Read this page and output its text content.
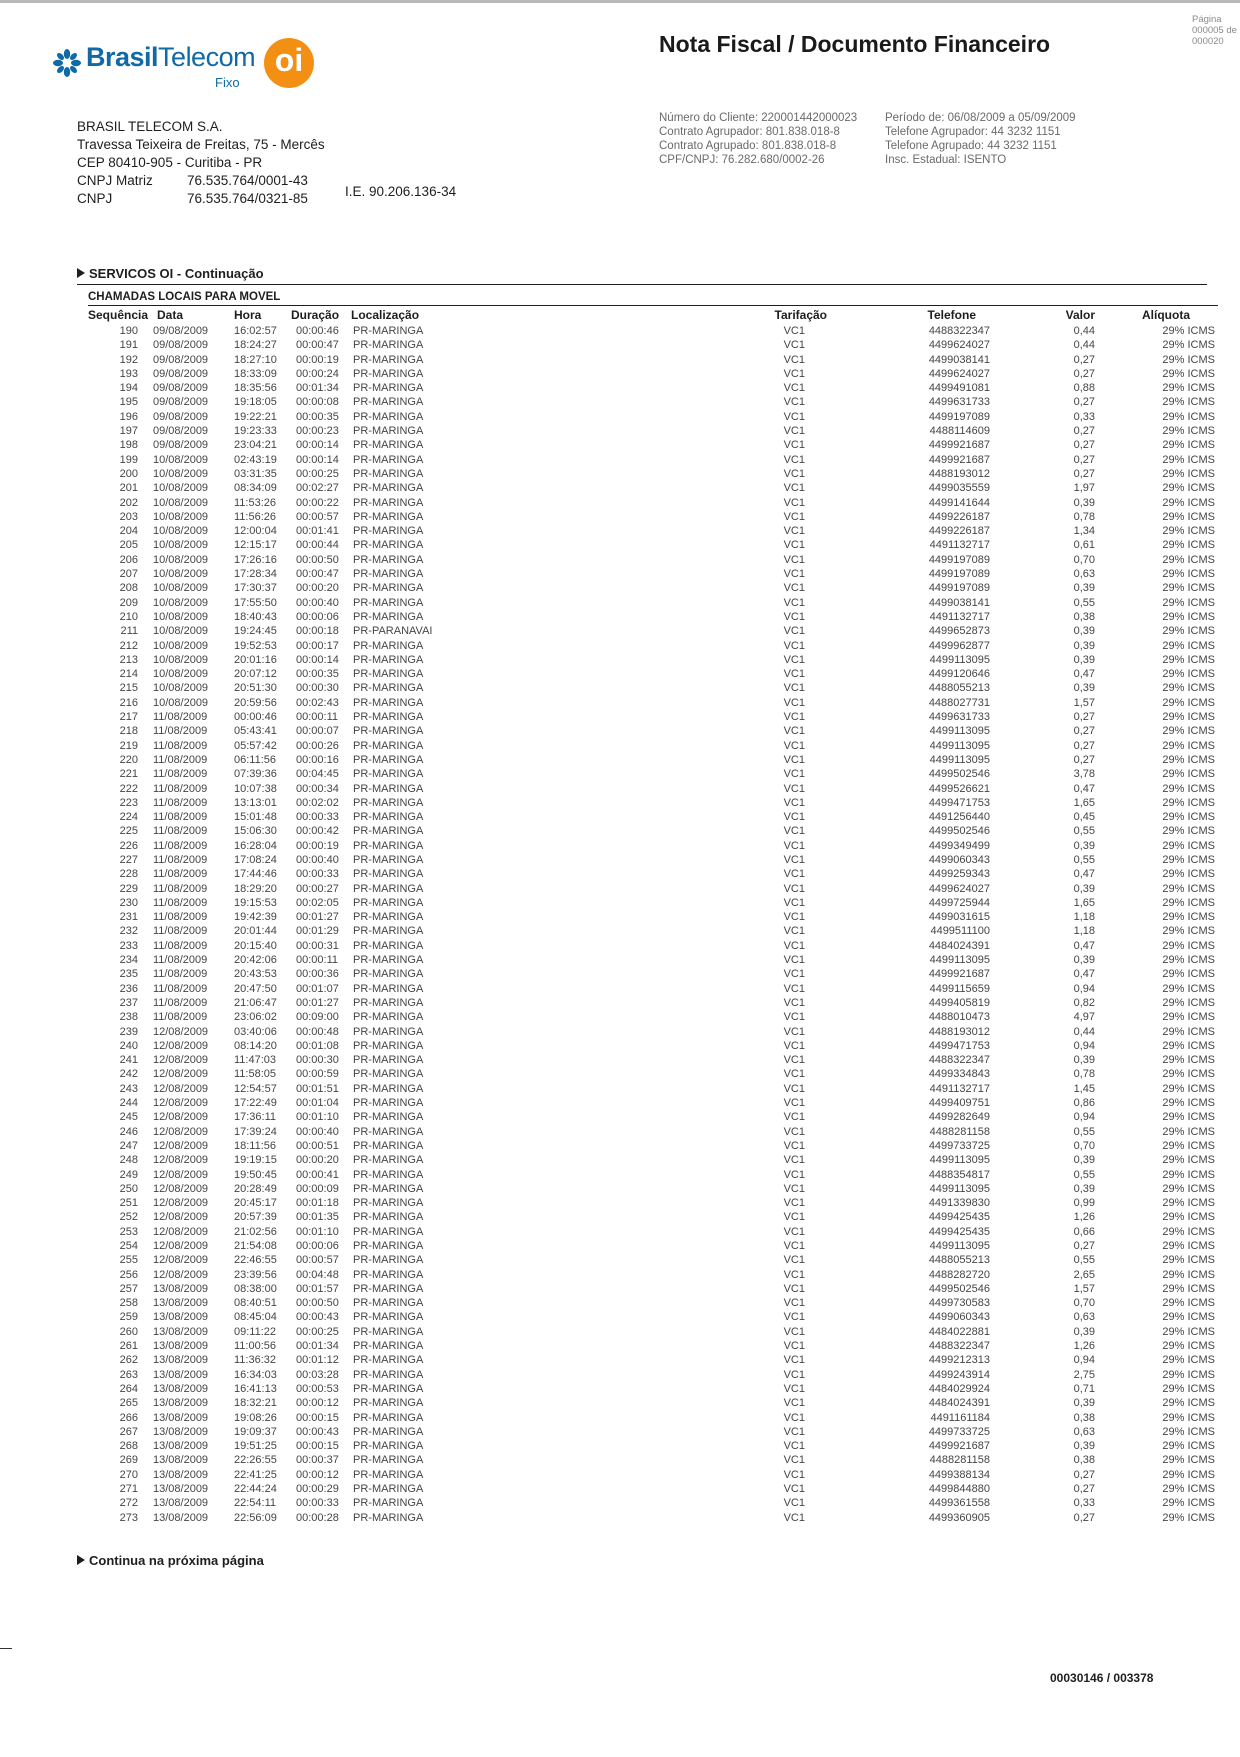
BrasilTelecom
Fixo
oi
BRASIL TELECOM S.A.
Travessa Teixeira de Freitas, 75 - Mercês
CEP 80410-905 - Curitiba - PR
CNPJ Matriz	76.535.764/0001-43
CNPJ	76.535.764/0321-85	I.E. 90.206.136-34
Nota Fiscal / Documento Financeiro
Página
000005 de
000020
Número do Cliente: 220001442000023
Contrato Agrupador: 801.838.018-8
Contrato Agrupado: 801.838.018-8
CPF/CNPJ: 76.282.680/0002-26
Período de: 06/08/2009 a 05/09/2009
Telefone Agrupador: 44 3232 1151
Telefone Agrupado: 44 3232 1151
Insc. Estadual: ISENTO
SERVICOS OI - Continuação
CHAMADAS LOCAIS PARA MOVEL
Sequência Data	Hora Duração Localização	Tarifação	Telefone	Valor	Alíquota
190 09/08/2009 16:02:57 00:00:46 PR-MARINGA	VC1	4488322347	0,44	29% ICMS
191 09/08/2009 18:24:27 00:00:47 PR-MARINGA	VC1	4499624027	0,44	29% ICMS
192 09/08/2009 18:27:10 00:00:19 PR-MARINGA	VC1	4499038141	0,27	29% ICMS
193 09/08/2009 18:33:09 00:00:24 PR-MARINGA	VC1	4499624027	0,27	29% ICMS
194 09/08/2009 18:35:56 00:01:34 PR-MARINGA	VC1	4499491081	0,88	29% ICMS
195 09/08/2009 19:18:05 00:00:08 PR-MARINGA	VC1	4499631733	0,27	29% ICMS
196 09/08/2009 19:22:21 00:00:35 PR-MARINGA	VC1	4499197089	0,33	29% ICMS
197 09/08/2009 19:23:33 00:00:23 PR-MARINGA	VC1	4488114609	0,27	29% ICMS
198 09/08/2009 23:04:21 00:00:14 PR-MARINGA	VC1	4499921687	0,27	29% ICMS
199 10/08/2009 02:43:19 00:00:14 PR-MARINGA	VC1	4499921687	0,27	29% ICMS
200 10/08/2009 03:31:35 00:00:25 PR-MARINGA	VC1	4488193012	0,27	29% ICMS
201 10/08/2009 08:34:09 00:02:27 PR-MARINGA	VC1	4499035559	1,97	29% ICMS
202 10/08/2009 11:53:26 00:00:22 PR-MARINGA	VC1	4499141644	0,39	29% ICMS
203 10/08/2009 11:56:26 00:00:57 PR-MARINGA	VC1	4499226187	0,78	29% ICMS
204 10/08/2009 12:00:04 00:01:41 PR-MARINGA	VC1	4499226187	1,34	29% ICMS
205 10/08/2009 12:15:17 00:00:44 PR-MARINGA	VC1	4491132717	0,61	29% ICMS
206 10/08/2009 17:26:16 00:00:50 PR-MARINGA	VC1	4499197089	0,70	29% ICMS
207 10/08/2009 17:28:34 00:00:47 PR-MARINGA	VC1	4499197089	0,63	29% ICMS
208 10/08/2009 17:30:37 00:00:20 PR-MARINGA	VC1	4499197089	0,39	29% ICMS
209 10/08/2009 17:55:50 00:00:40 PR-MARINGA	VC1	4499038141	0,55	29% ICMS
210 10/08/2009 18:40:43 00:00:06 PR-MARINGA	VC1	4491132717	0,38	29% ICMS
211 10/08/2009 19:24:45 00:00:18 PR-PARANAVAI	VC1	4499652873	0,39	29% ICMS
212 10/08/2009 19:52:53 00:00:17 PR-MARINGA	VC1	4499962877	0,39	29% ICMS
213 10/08/2009 20:01:16 00:00:14 PR-MARINGA	VC1	4499113095	0,39	29% ICMS
214 10/08/2009 20:07:12 00:00:35 PR-MARINGA	VC1	4499120646	0,47	29% ICMS
215 10/08/2009 20:51:30 00:00:30 PR-MARINGA	VC1	4488055213	0,39	29% ICMS
216 10/08/2009 20:59:56 00:02:43 PR-MARINGA	VC1	4488027731	1,57	29% ICMS
217 11/08/2009 00:00:46 00:00:11 PR-MARINGA	VC1	4499631733	0,27	29% ICMS
218 11/08/2009 05:43:41 00:00:07 PR-MARINGA	VC1	4499113095	0,27	29% ICMS
219 11/08/2009 05:57:42 00:00:26 PR-MARINGA	VC1	4499113095	0,27	29% ICMS
220 11/08/2009 06:11:56 00:00:16 PR-MARINGA	VC1	4499113095	0,27	29% ICMS
221 11/08/2009 07:39:36 00:04:45 PR-MARINGA	VC1	4499502546	3,78	29% ICMS
222 11/08/2009 10:07:38 00:00:34 PR-MARINGA	VC1	4499526621	0,47	29% ICMS
223 11/08/2009 13:13:01 00:02:02 PR-MARINGA	VC1	4499471753	1,65	29% ICMS
224 11/08/2009 15:01:48 00:00:33 PR-MARINGA	VC1	4491256440	0,45	29% ICMS
225 11/08/2009 15:06:30 00:00:42 PR-MARINGA	VC1	4499502546	0,55	29% ICMS
226 11/08/2009 16:28:04 00:00:19 PR-MARINGA	VC1	4499349499	0,39	29% ICMS
227 11/08/2009 17:08:24 00:00:40 PR-MARINGA	VC1	4499060343	0,55	29% ICMS
228 11/08/2009 17:44:46 00:00:33 PR-MARINGA	VC1	4499259343	0,47	29% ICMS
229 11/08/2009 18:29:20 00:00:27 PR-MARINGA	VC1	4499624027	0,39	29% ICMS
230 11/08/2009 19:15:53 00:02:05 PR-MARINGA	VC1	4499725944	1,65	29% ICMS
231 11/08/2009 19:42:39 00:01:27 PR-MARINGA	VC1	4499031615	1,18	29% ICMS
232 11/08/2009 20:01:44 00:01:29 PR-MARINGA	VC1	4499511100	1,18	29% ICMS
233 11/08/2009 20:15:40 00:00:31 PR-MARINGA	VC1	4484024391	0,47	29% ICMS
234 11/08/2009 20:42:06 00:00:11 PR-MARINGA	VC1	4499113095	0,39	29% ICMS
235 11/08/2009 20:43:53 00:00:36 PR-MARINGA	VC1	4499921687	0,47	29% ICMS
236 11/08/2009 20:47:50 00:01:07 PR-MARINGA	VC1	4499115659	0,94	29% ICMS
237 11/08/2009 21:06:47 00:01:27 PR-MARINGA	VC1	4499405819	0,82	29% ICMS
238 11/08/2009 23:06:02 00:09:00 PR-MARINGA	VC1	4488010473	4,97	29% ICMS
239 12/08/2009 03:40:06 00:00:48 PR-MARINGA	VC1	4488193012	0,44	29% ICMS
240 12/08/2009 08:14:20 00:01:08 PR-MARINGA	VC1	4499471753	0,94	29% ICMS
241 12/08/2009 11:47:03 00:00:30 PR-MARINGA	VC1	4488322347	0,39	29% ICMS
242 12/08/2009 11:58:05 00:00:59 PR-MARINGA	VC1	4499334843	0,78	29% ICMS
243 12/08/2009 12:54:57 00:01:51 PR-MARINGA	VC1	4491132717	1,45	29% ICMS
244 12/08/2009 17:22:49 00:01:04 PR-MARINGA	VC1	4499409751	0,86	29% ICMS
245 12/08/2009 17:36:11 00:01:10 PR-MARINGA	VC1	4499282649	0,94	29% ICMS
246 12/08/2009 17:39:24 00:00:40 PR-MARINGA	VC1	4488281158	0,55	29% ICMS
247 12/08/2009 18:11:56 00:00:51 PR-MARINGA	VC1	4499733725	0,70	29% ICMS
248 12/08/2009 19:19:15 00:00:20 PR-MARINGA	VC1	4499113095	0,39	29% ICMS
249 12/08/2009 19:50:45 00:00:41 PR-MARINGA	VC1	4488354817	0,55	29% ICMS
250 12/08/2009 20:28:49 00:00:09 PR-MARINGA	VC1	4499113095	0,39	29% ICMS
251 12/08/2009 20:45:17 00:01:18 PR-MARINGA	VC1	4491339830	0,99	29% ICMS
252 12/08/2009 20:57:39 00:01:35 PR-MARINGA	VC1	4499425435	1,26	29% ICMS
253 12/08/2009 21:02:56 00:01:10 PR-MARINGA	VC1	4499425435	0,66	29% ICMS
254 12/08/2009 21:54:08 00:00:06 PR-MARINGA	VC1	4499113095	0,27	29% ICMS
255 12/08/2009 22:46:55 00:00:57 PR-MARINGA	VC1	4488055213	0,55	29% ICMS
256 12/08/2009 23:39:56 00:04:48 PR-MARINGA	VC1	4488282720	2,65	29% ICMS
257 13/08/2009 08:38:00 00:01:57 PR-MARINGA	VC1	4499502546	1,57	29% ICMS
258 13/08/2009 08:40:51 00:00:50 PR-MARINGA	VC1	4499730583	0,70	29% ICMS
259 13/08/2009 08:45:04 00:00:43 PR-MARINGA	VC1	4499060343	0,63	29% ICMS
260 13/08/2009 09:11:22 00:00:25 PR-MARINGA	VC1	4484022881	0,39	29% ICMS
261 13/08/2009 11:00:56 00:01:34 PR-MARINGA	VC1	4488322347	1,26	29% ICMS
262 13/08/2009 11:36:32 00:01:12 PR-MARINGA	VC1	4499212313	0,94	29% ICMS
263 13/08/2009 16:34:03 00:03:28 PR-MARINGA	VC1	4499243914	2,75	29% ICMS
264 13/08/2009 16:41:13 00:00:53 PR-MARINGA	VC1	4484029924	0,71	29% ICMS
265 13/08/2009 18:32:21 00:00:12 PR-MARINGA	VC1	4484024391	0,39	29% ICMS
266 13/08/2009 19:08:26 00:00:15 PR-MARINGA	VC1	4491161184	0,38	29% ICMS
267 13/08/2009 19:09:37 00:00:43 PR-MARINGA	VC1	4499733725	0,63	29% ICMS
268 13/08/2009 19:51:25 00:00:15 PR-MARINGA	VC1	4499921687	0,39	29% ICMS
269 13/08/2009 22:26:55 00:00:37 PR-MARINGA	VC1	4488281158	0,38	29% ICMS
270 13/08/2009 22:41:25 00:00:12 PR-MARINGA	VC1	4499388134	0,27	29% ICMS
271 13/08/2009 22:44:24 00:00:29 PR-MARINGA	VC1	4499844880	0,27	29% ICMS
272 13/08/2009 22:54:11 00:00:33 PR-MARINGA	VC1	4499361558	0,33	29% ICMS
273 13/08/2009 22:56:09 00:00:28 PR-MARINGA	VC1	4499360905	0,27	29% ICMS
Continua na próxima página
00030146 / 003378
